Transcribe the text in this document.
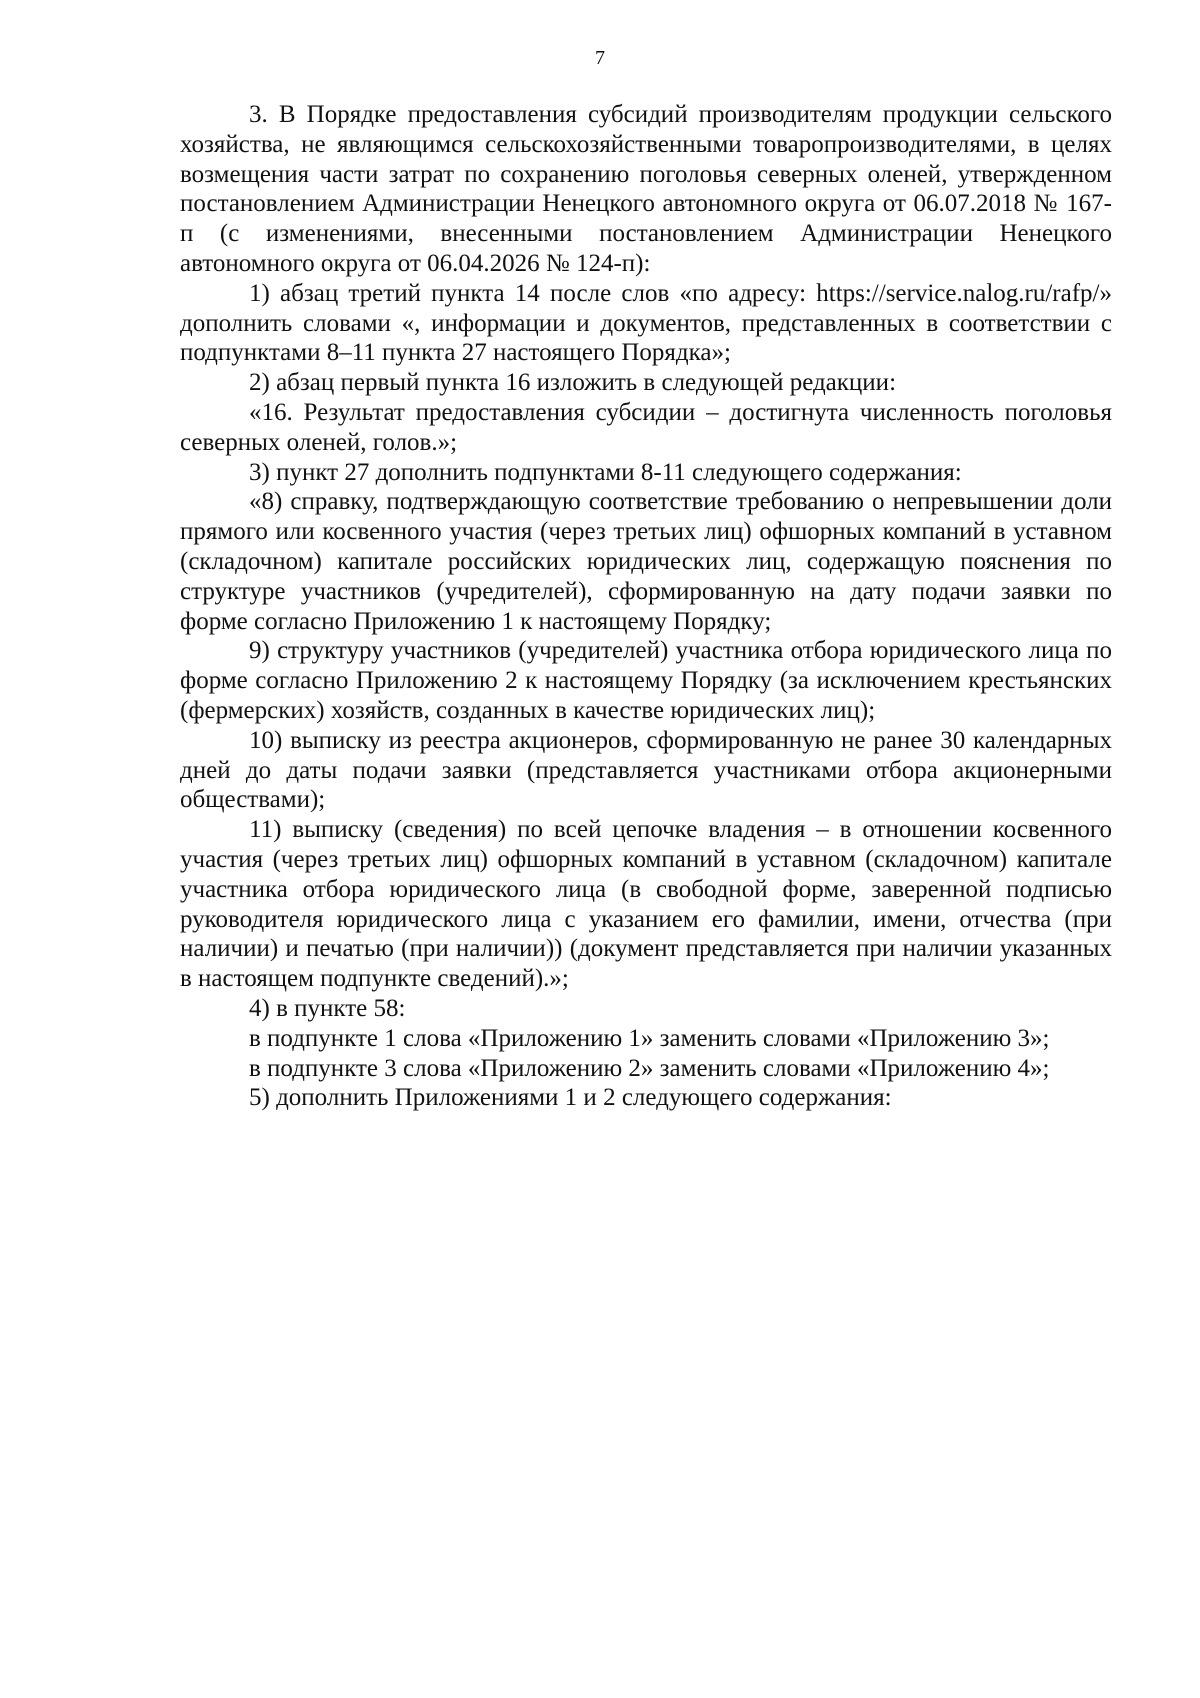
7

3. В Порядке предоставления субсидий производителям продукции сельского хозяйства, не являющимся сельскохозяйственными товаропроизводителями, в целях возмещения части затрат по сохранению поголовья северных оленей, утвержденном постановлением Администрации Ненецкого автономного округа от 06.07.2018 № 167-п (с изменениями, внесенными постановлением Администрации Ненецкого автономного округа от 06.04.2026 № 124-п):

1) абзац третий пункта 14 после слов «по адресу: https://service.nalog.ru/rafp/» дополнить словами «, информации и документов, представленных в соответствии с подпунктами 8–11 пункта 27 настоящего Порядка»;

2) абзац первый пункта 16 изложить в следующей редакции:

«16. Результат предоставления субсидии – достигнута численность поголовья северных оленей, голов.»;

3) пункт 27 дополнить подпунктами 8-11 следующего содержания:

«8) справку, подтверждающую соответствие требованию о непревышении доли прямого или косвенного участия (через третьих лиц) офшорных компаний в уставном (складочном) капитале российских юридических лиц, содержащую пояснения по структуре участников (учредителей), сформированную на дату подачи заявки по форме согласно Приложению 1 к настоящему Порядку;

9) структуру участников (учредителей) участника отбора юридического лица по форме согласно Приложению 2 к настоящему Порядку (за исключением крестьянских (фермерских) хозяйств, созданных в качестве юридических лиц);

10) выписку из реестра акционеров, сформированную не ранее 30 календарных дней до даты подачи заявки (представляется участниками отбора акционерными обществами);

11) выписку (сведения) по всей цепочке владения – в отношении косвенного участия (через третьих лиц) офшорных компаний в уставном (складочном) капитале участника отбора юридического лица (в свободной форме, заверенной подписью руководителя юридического лица с указанием его фамилии, имени, отчества (при наличии) и печатью (при наличии)) (документ представляется при наличии указанных в настоящем подпункте сведений).»;

4) в пункте 58:

в подпункте 1 слова «Приложению 1» заменить словами «Приложению 3»;

в подпункте 3 слова «Приложению 2» заменить словами «Приложению 4»;

5) дополнить Приложениями 1 и 2 следующего содержания:
